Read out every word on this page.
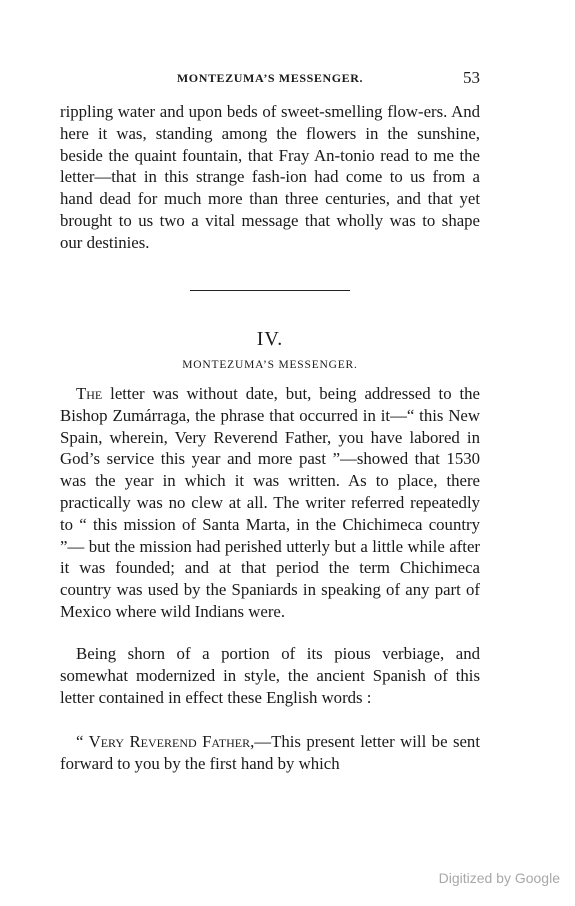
MONTEZUMA’S MESSENGER.	53

rippling water and upon beds of sweet-smelling flow-ers. And here it was, standing among the flowers in the sunshine, beside the quaint fountain, that Fray An-tonio read to me the letter—that in this strange fash-ion had come to us from a hand dead for much more than three centuries, and that yet brought to us two a vital message that wholly was to shape our destinies.

IV.
MONTEZUMA’S MESSENGER.

The letter was without date, but, being addressed to the Bishop Zumárraga, the phrase that occurred in it—“ this New Spain, wherein, Very Reverend Father, you have labored in God’s service this year and more past ”—showed that 1530 was the year in which it was written. As to place, there practically was no clew at all. The writer referred repeatedly to “ this mission of Santa Marta, in the Chichimeca country ”— but the mission had perished utterly but a little while after it was founded; and at that period the term Chichimeca country was used by the Spaniards in speaking of any part of Mexico where wild Indians were.

Being shorn of a portion of its pious verbiage, and somewhat modernized in style, the ancient Spanish of this letter contained in effect these English words :

“ Very Reverend Father,—This present letter will be sent forward to you by the first hand by which

Digitized by Google
